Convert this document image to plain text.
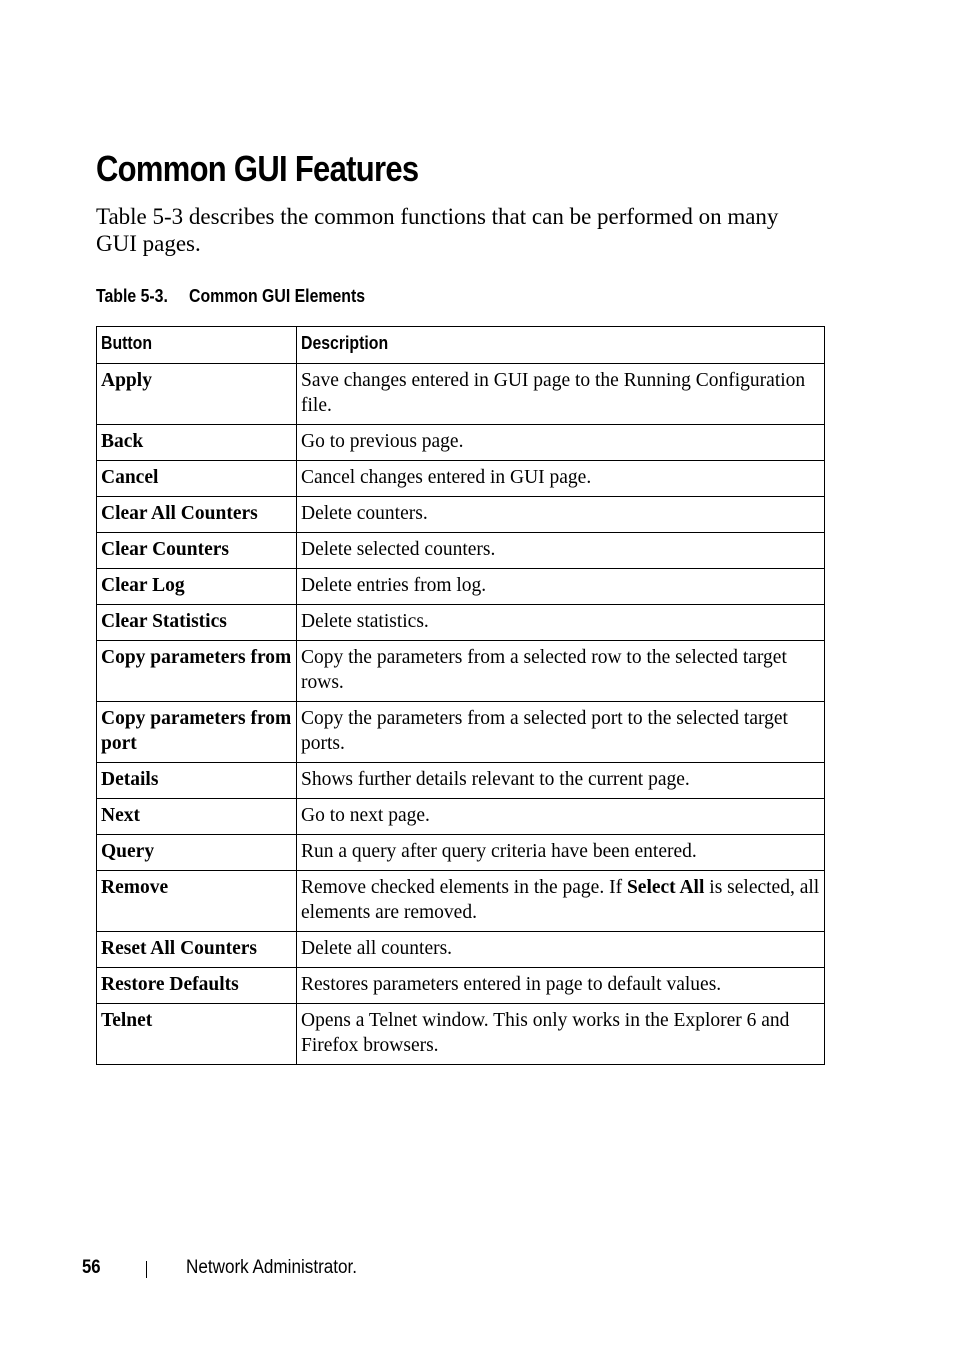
Common GUI Features

Table 5-3 describes the common functions that can be performed on many GUI pages.

Table 5-3. Common GUI Elements
Button	Description
Apply	Save changes entered in GUI page to the Running Configuration file.
Back	Go to previous page.
Cancel	Cancel changes entered in GUI page.
Clear All Counters	Delete counters.
Clear Counters	Delete selected counters.
Clear Log	Delete entries from log.
Clear Statistics	Delete statistics.
Copy parameters from	Copy the parameters from a selected row to the selected target rows.
Copy parameters from port	Copy the parameters from a selected port to the selected target ports.
Details	Shows further details relevant to the current page.
Next	Go to next page.
Query	Run a query after query criteria have been entered.
Remove	Remove checked elements in the page. If Select All is selected, all elements are removed.
Reset All Counters	Delete all counters.
Restore Defaults	Restores parameters entered in page to default values.
Telnet	Opens a Telnet window. This only works in the Explorer 6 and Firefox browsers.
56	Network Administrator.
